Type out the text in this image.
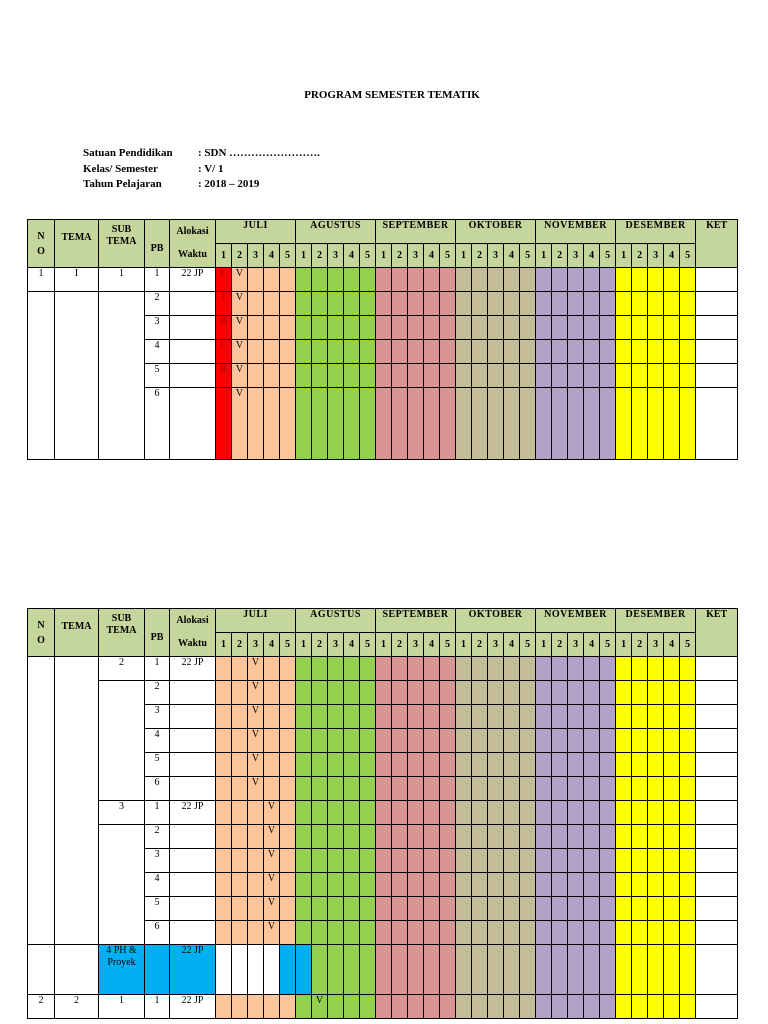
PROGRAM SEMESTER TEMATIK
Satuan Pendidikan	: SDN …………………….
Kelas/ Semester	: V/ 1
Tahun Pelajaran	: 2018 – 2019
N O	TEMA	SUB TEMA	PB	Alokasi Waktu	JULI					AGUSTUS					SEPTEMBER					OKTOBER					NOVEMBER					DESEMBER					KET
					1	2	3	4	5	1	2	3	4	5	1	2	3	4	5	1	2	3	4	5	1	2	3	4	5	1	2	3	4	5	
1	I	1	1	22 JP	L	V																													
			2		I	V																													
			3		B	V																													
			4		U	V																													
			5		R	V																													
			6			V																													
N O	TEMA	SUB TEMA	PB	Alokasi Waktu	JULI					AGUSTUS					SEPTEMBER					OKTOBER					NOVEMBER					DESEMBER					KET
					1	2	3	4	5	1	2	3	4	5	1	2	3	4	5	1	2	3	4	5	1	2	3	4	5	1	2	3	4	5	
		2	1	22 JP			V																												
			2				V																												
			3				V																												
			4				V																												
			5				V																												
			6				V																												
		3	1	22 JP				V																											
			2					V																											
			3					V																											
			4					V																											
			5					V																											
			6					V																											
		4 PH & Proyek		22 JP																															
2	2	1	1	22 JP							V																								
